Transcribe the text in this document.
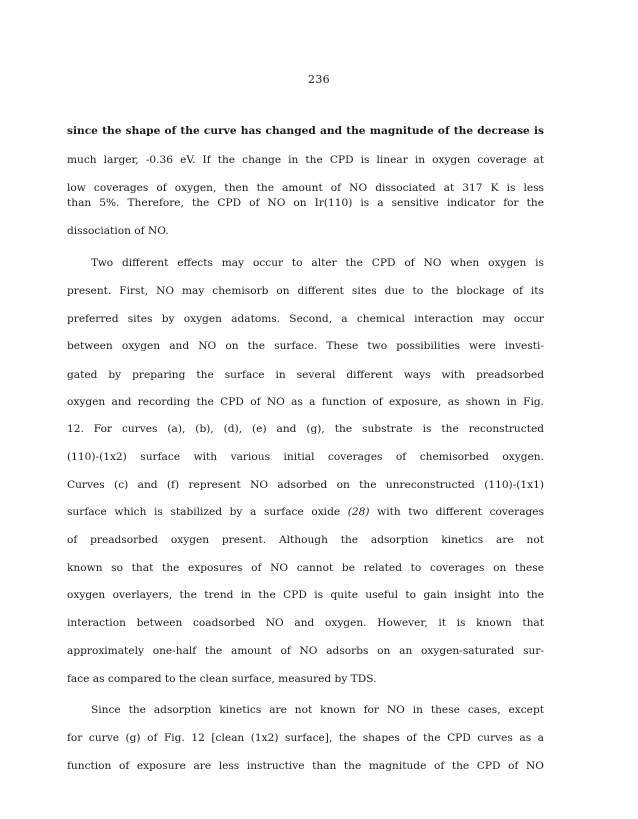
236
since the shape of the curve has changed and the magnitude of the decrease is
much larger, -0.36 eV. If the change in the CPD is linear in oxygen coverage at
low coverages of oxygen, then the amount of NO dissociated at 317 K is less
than 5%. Therefore, the CPD of NO on Ir(110) is a sensitive indicator for the
dissociation of NO.
Two different effects may occur to alter the CPD of NO when oxygen is
present. First, NO may chemisorb on different sites due to the blockage of its
preferred sites by oxygen adatoms. Second, a chemical interaction may occur
between oxygen and NO on the surface. These two possibilities were investi-
gated by preparing the surface in several different ways with preadsorbed
oxygen and recording the CPD of NO as a function of exposure, as shown in Fig.
12. For curves (a), (b), (d), (e) and (g), the substrate is the reconstructed
(110)-(1x2) surface with various initial coverages of chemisorbed oxygen.
Curves (c) and (f) represent NO adsorbed on the unreconstructed (110)-(1x1)
surface which is stabilized by a surface oxide (28) with two different coverages
of preadsorbed oxygen present. Although the adsorption kinetics are not
known so that the exposures of NO cannot be related to coverages on these
oxygen overlayers, the trend in the CPD is quite useful to gain insight into the
interaction between coadsorbed NO and oxygen. However, it is known that
approximately one-half the amount of NO adsorbs on an oxygen-saturated sur-
face as compared to the clean surface, measured by TDS.
Since the adsorption kinetics are not known for NO in these cases, except
for curve (g) of Fig. 12 [clean (1x2) surface], the shapes of the CPD curves as a
function of exposure are less instructive than the magnitude of the CPD of NO
